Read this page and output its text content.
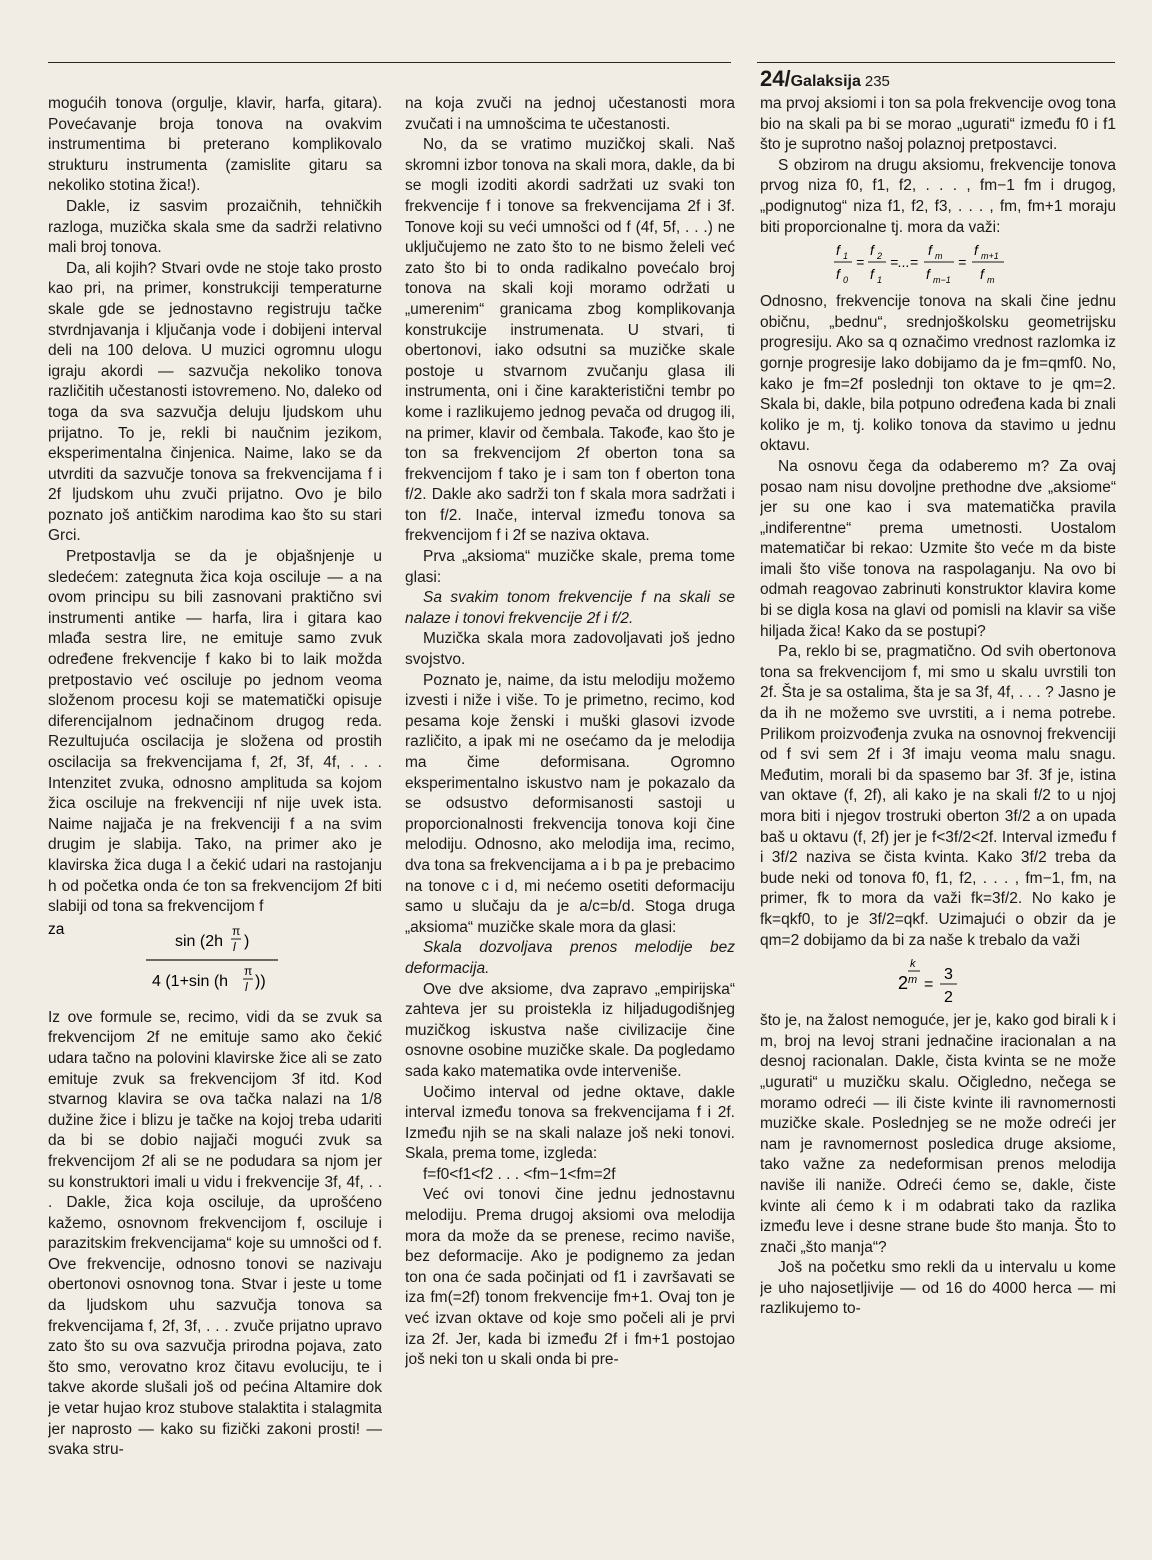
24/Galaksija 235

mogućih tonova (orgulje, klavir, harfa, gitara). Povećavanje broja tonova na ovakvim instrumentima bi preterano komplikovalo strukturu instrumenta (zamislite gitaru sa nekoliko stotina žica!).

Dakle, iz sasvim prozaičnih, tehničkih razloga, muzička skala sme da sadrži relativno mali broj tonova.

Da, ali kojih? Stvari ovde ne stoje tako prosto kao pri, na primer, konstrukciji temperaturne skale gde se jednostavno registruju tačke stvrdnjavanja i ključanja vode i dobijeni interval deli na 100 delova. U muzici ogromnu ulogu igraju akordi — sazvučja nekoliko tonova različitih učestanosti istovremeno. No, daleko od toga da sva sazvučja deluju ljudskom uhu prijatno. To je, rekli bi naučnim jezikom, eksperimentalna činjenica. Naime, lako se da utvrditi da sazvučje tonova sa frekvencijama f i 2f ljudskom uhu zvuči prijatno. Ovo je bilo poznato još antičkim narodima kao što su stari Grci.

Pretpostavlja se da je objašnjenje u sledećem: zategnuta žica koja osciluje — a na ovom principu su bili zasnovani praktično svi instrumenti antike — harfa, lira i gitara kao mlađa sestra lire, ne emituje samo zvuk određene frekvencije f kako bi to laik možda pretpostavio već osciluje po jednom veoma složenom procesu koji se matematički opisuje diferencijalnom jednačinom drugog reda. Rezultujuća oscilacija je složena od prostih oscilacija sa frekvencijama f, 2f, 3f, 4f, . . . Intenzitet zvuka, odnosno amplituda sa kojom žica osciluje na frekvenciji nf nije uvek ista. Naime najjača je na frekvenciji f a na svim drugim je slabija. Tako, na primer ako je klavirska žica duga l a čekić udari na rastojanju h od početka onda će ton sa frekvencijom 2f biti slabiji od tona sa frekvencijom f

za
sin (2h
π
l )
4 (1+sin (h
π
l ))

Iz ove formule se, recimo, vidi da se zvuk sa frekvencijom 2f ne emituje samo ako čekić udara tačno na polovini klavirske žice ali se zato emituje zvuk sa frekvencijom 3f itd. Kod stvarnog klavira se ova tačka nalazi na 1/8 dužine žice i blizu je tačke na kojoj treba udariti da bi se dobio najjači mogući zvuk sa frekvencijom 2f ali se ne podudara sa njom jer su konstruktori imali u vidu i frekvencije 3f, 4f, . . . Dakle, žica koja osciluje, da uprošćeno kažemo, osnovnom frekvencijom f, osciluje i parazitskim frekvencijama“ koje su umnošci od f. Ove frekvencije, odnosno tonovi se nazivaju obertonovi osnovnog tona. Stvar i jeste u tome da ljudskom uhu sazvučja tonova sa frekvencijama f, 2f, 3f, . . . zvuče prijatno upravo zato što su ova sazvučja prirodna pojava, zato što smo, verovatno kroz čitavu evoluciju, te i takve akorde slušali još od pećina Altamire dok je vetar hujao kroz stubove stalaktita i stalagmita jer naprosto — kako su fizički zakoni prosti! — svaka stru-

na koja zvuči na jednoj učestanosti mora zvučati i na umnošcima te učestanosti.

No, da se vratimo muzičkoj skali. Naš skromni izbor tonova na skali mora, dakle, da bi se mogli izoditi akordi sadržati uz svaki ton frekvencije f i tonove sa frekvencijama 2f i 3f. Tonove koji su veći umnošci od f (4f, 5f, . . .) ne uključujemo ne zato što to ne bismo želeli već zato što bi to onda radikalno povećalo broj tonova na skali koji moramo održati u „umerenim“ granicama zbog komplikovanja konstrukcije instrumenata. U stvari, ti obertonovi, iako odsutni sa muzičke skale postoje u stvarnom zvučanju glasa ili instrumenta, oni i čine karakteristični tembr po kome i razlikujemo jednog pevača od drugog ili, na primer, klavir od čembala. Takođe, kao što je ton sa frekvencijom 2f oberton tona sa frekvencijom f tako je i sam ton f oberton tona f/2. Dakle ako sadrži ton f skala mora sadržati i ton f/2. Inače, interval između tonova sa frekvencijom f i 2f se naziva oktava.

Prva „aksioma“ muzičke skale, prema tome glasi:

Sa svakim tonom frekvencije f na skali se nalaze i tonovi frekvencije 2f i f/2.

Muzička skala mora zadovoljavati još jedno svojstvo.

Poznato je, naime, da istu melodiju možemo izvesti i niže i više. To je primetno, recimo, kod pesama koje ženski i muški glasovi izvode različito, a ipak mi ne osećamo da je melodija ma čime deformisana. Ogromno eksperimentalno iskustvo nam je pokazalo da se odsustvo deformisanosti sastoji u proporcionalnosti frekvencija tonova koji čine melodiju. Odnosno, ako melodija ima, recimo, dva tona sa frekvencijama a i b pa je prebacimo na tonove c i d, mi nećemo osetiti deformaciju samo u slučaju da je a/c=b/d. Stoga druga „aksioma“ muzičke skale mora da glasi:

Skala dozvoljava prenos melodije bez deformacija.

Ove dve aksiome, dva zapravo „empirijska“ zahteva jer su proistekla iz hiljadugodišnjeg muzičkog iskustva naše civilizacije čine osnovne osobine muzičke skale. Da pogledamo sada kako matematika ovde interveniše.

Uočimo interval od jedne oktave, dakle interval između tonova sa frekvencijama f i 2f. Između njih se na skali nalaze još neki tonovi. Skala, prema tome, izgleda:

f=f0<f1<f2 . . . <fm−1<fm=2f

Već ovi tonovi čine jednu jednostavnu melodiju. Prema drugoj aksiomi ova melodija mora da može da se prenese, recimo naviše, bez deformacije. Ako je podignemo za jedan ton ona će sada počinjati od f1 i završavati se iza fm(=2f) tonom frekvencije fm+1. Ovaj ton je već izvan oktave od koje smo počeli ali je prvi iza 2f. Jer, kada bi između 2f i fm+1 postojao još neki ton u skali onda bi pre-

ma prvoj aksiomi i ton sa pola frekvencije ovog tona bio na skali pa bi se morao „ugurati“ između f0 i f1 što je suprotno našoj polaznoj pretpostavci.

S obzirom na drugu aksiomu, frekvencije tonova prvog niza f0, f1, f2, . . . , fm−1 fm i drugog, „podignutog“ niza f1, f2, f3, . . . , fm, fm+1 moraju biti proporcionalne tj. mora da važi:

f 1
f 0
=
f 2
f 1
=...=
f m
f m−1
=
f m+1
f m

Odnosno, frekvencije tonova na skali čine jednu običnu, „bednu“, srednjoškolsku geometrijsku progresiju. Ako sa q označimo vrednost razlomka iz gornje progresije lako dobijamo da je fm=qmf0. No, kako je fm=2f poslednji ton oktave to je qm=2. Skala bi, dakle, bila potpuno određena kada bi znali koliko je m, tj. koliko tonova da stavimo u jednu oktavu.

Na osnovu čega da odaberemo m? Za ovaj posao nam nisu dovoljne prethodne dve „aksiome“ jer su one kao i sva matematička pravila „indiferentne“ prema umetnosti. Uostalom matematičar bi rekao: Uzmite što veće m da biste imali što više tonova na raspolaganju. Na ovo bi odmah reagovao zabrinuti konstruktor klavira kome bi se digla kosa na glavi od pomisli na klavir sa više hiljada žica! Kako da se postupi?

Pa, reklo bi se, pragmatično. Od svih obertonova tona sa frekvencijom f, mi smo u skalu uvrstili ton 2f. Šta je sa ostalima, šta je sa 3f, 4f, . . . ? Jasno je da ih ne možemo sve uvrstiti, a i nema potrebe. Prilikom proizvođenja zvuka na osnovnoj frekvenciji od f svi sem 2f i 3f imaju veoma malu snagu. Međutim, morali bi da spasemo bar 3f. 3f je, istina van oktave (f, 2f), ali kako je na skali f/2 to u njoj mora biti i njegov trostruki oberton 3f/2 a on upada baš u oktavu (f, 2f) jer je f<3f/2<2f. Interval između f i 3f/2 naziva se čista kvinta. Kako 3f/2 treba da bude neki od tonova f0, f1, f2, . . . , fm−1, fm, na primer, fk to mora da važi fk=3f/2. No kako je fk=qkf0, to je 3f/2=qkf. Uzimajući o obzir da je qm=2 dobijamo da bi za naše k trebalo da važi

2
k
m =
3
2

što je, na žalost nemoguće, jer je, kako god birali k i m, broj na levoj strani jednačine iracionalan a na desnoj racionalan. Dakle, čista kvinta se ne može „ugurati“ u muzičku skalu. Očigledno, nečega se moramo odreći — ili čiste kvinte ili ravnomernosti muzičke skale. Poslednjeg se ne može odreći jer nam je ravnomernost posledica druge aksiome, tako važne za nedeformisan prenos melodija naviše ili naniže. Odreći ćemo se, dakle, čiste kvinte ali ćemo k i m odabrati tako da razlika između leve i desne strane bude što manja. Što to znači „što manja“?

Još na početku smo rekli da u intervalu u kome je uho najosetljivije — od 16 do 4000 herca — mi razlikujemo to-
